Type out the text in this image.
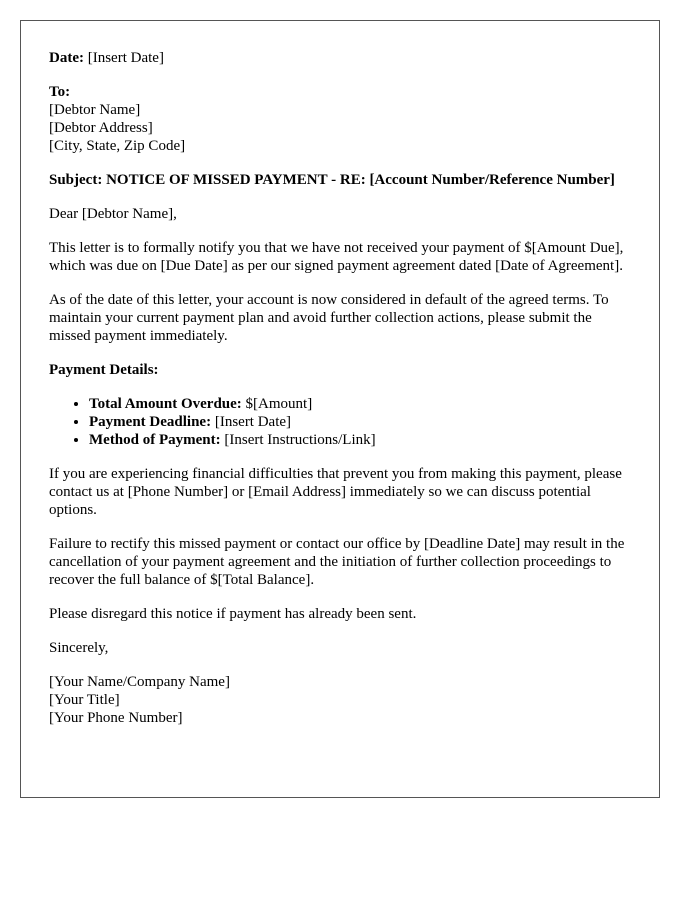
Date: [Insert Date]

To:
[Debtor Name]
[Debtor Address]
[City, State, Zip Code]

Subject: NOTICE OF MISSED PAYMENT - RE: [Account Number/Reference Number]

Dear [Debtor Name],

This letter is to formally notify you that we have not received your payment of $[Amount Due], which was due on [Due Date] as per our signed payment agreement dated [Date of Agreement].

As of the date of this letter, your account is now considered in default of the agreed terms. To maintain your current payment plan and avoid further collection actions, please submit the missed payment immediately.

Payment Details:

• Total Amount Overdue: $[Amount]
• Payment Deadline: [Insert Date]
• Method of Payment: [Insert Instructions/Link]

If you are experiencing financial difficulties that prevent you from making this payment, please contact us at [Phone Number] or [Email Address] immediately so we can discuss potential options.

Failure to rectify this missed payment or contact our office by [Deadline Date] may result in the cancellation of your payment agreement and the initiation of further collection proceedings to recover the full balance of $[Total Balance].

Please disregard this notice if payment has already been sent.

Sincerely,

[Your Name/Company Name]
[Your Title]
[Your Phone Number]
